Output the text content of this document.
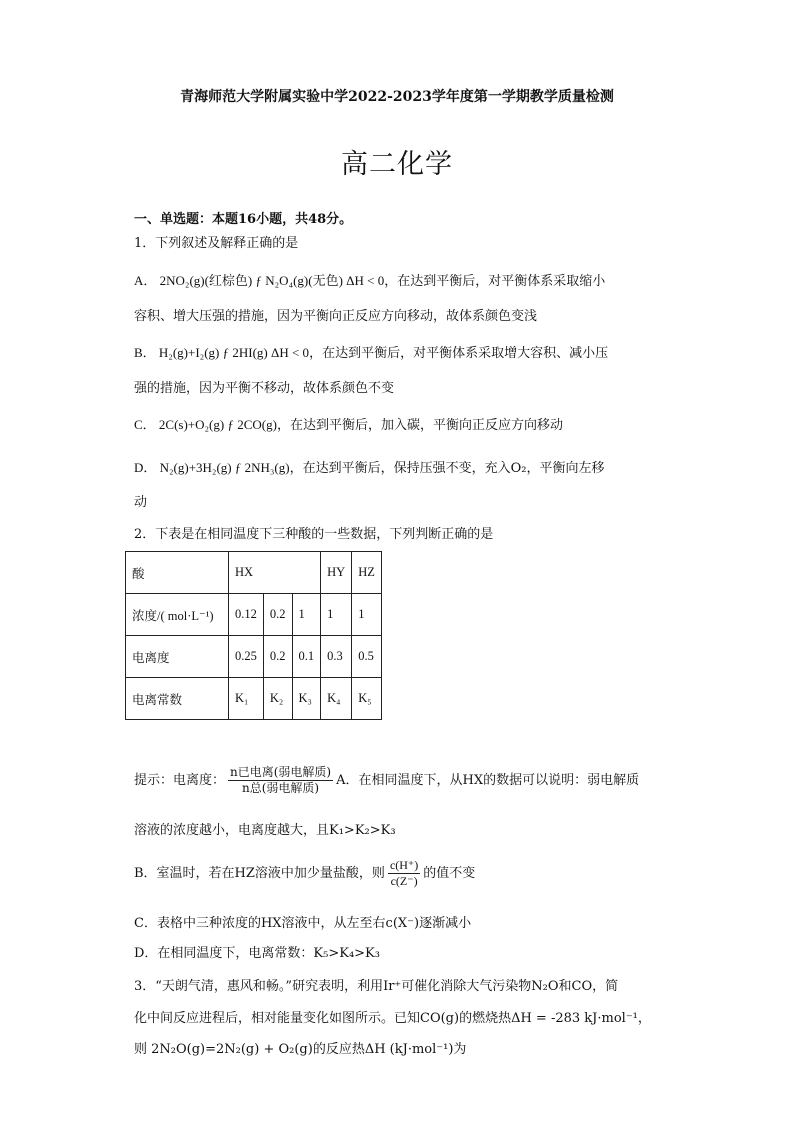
青海师范大学附属实验中学2022-2023学年度第一学期教学质量检测
高二化学
一、单选题：本题16小题，共48分。
1．下列叙述及解释正确的是
A． 2NO₂(g)(红棕色) ƒ N₂O₄(g)(无色) ΔH < 0，在达到平衡后，对平衡体系采取缩小
容积、增大压强的措施，因为平衡向正反应方向移动，故体系颜色变浅
B． H₂(g)+I₂(g) ƒ 2HI(g) ΔH < 0，在达到平衡后，对平衡体系采取增大容积、减小压
强的措施，因为平衡不移动，故体系颜色不变
C． 2C(s)+O₂(g) ƒ 2CO(g)，在达到平衡后，加入碳，平衡向正反应方向移动
D． N₂(g)+3H₂(g) ƒ 2NH₃(g)，在达到平衡后，保持压强不变，充入O₂，平衡向左移
动
2．下表是在相同温度下三种酸的一些数据，下列判断正确的是
酸	HX			HY	HZ
浓度/( mol·L⁻¹)	0.12	0.2	1	1	1
电离度	0.25	0.2	0.1	0.3	0.5
电离常数	K₁	K₂	K₃	K₄	K₅
提示：电离度： $\frac{\text{n已电离(弱电解质)}}{\text{n总(弱电解质)}}$ A．在相同温度下，从HX的数据可以说明：弱电解质
溶液的浓度越小，电离度越大，且K₁>K₂>K₃
B．室温时，若在HZ溶液中加少量盐酸，则 $\frac{c(H^+)}{c(Z^-)}$ 的值不变
C．表格中三种浓度的HX溶液中，从左至右c(X⁻)逐渐减小
D．在相同温度下，电离常数：K₅>K₄>K₃
3．“天朗气清，惠风和畅。”研究表明，利用Ir⁺可催化消除大气污染物N₂O和CO，简
化中间反应进程后，相对能量变化如图所示。已知CO(g)的燃烧热ΔH = -283 kJ·mol⁻¹，
则 2N₂O(g)=2N₂(g) + O₂(g)的反应热ΔH (kJ·mol⁻¹)为
